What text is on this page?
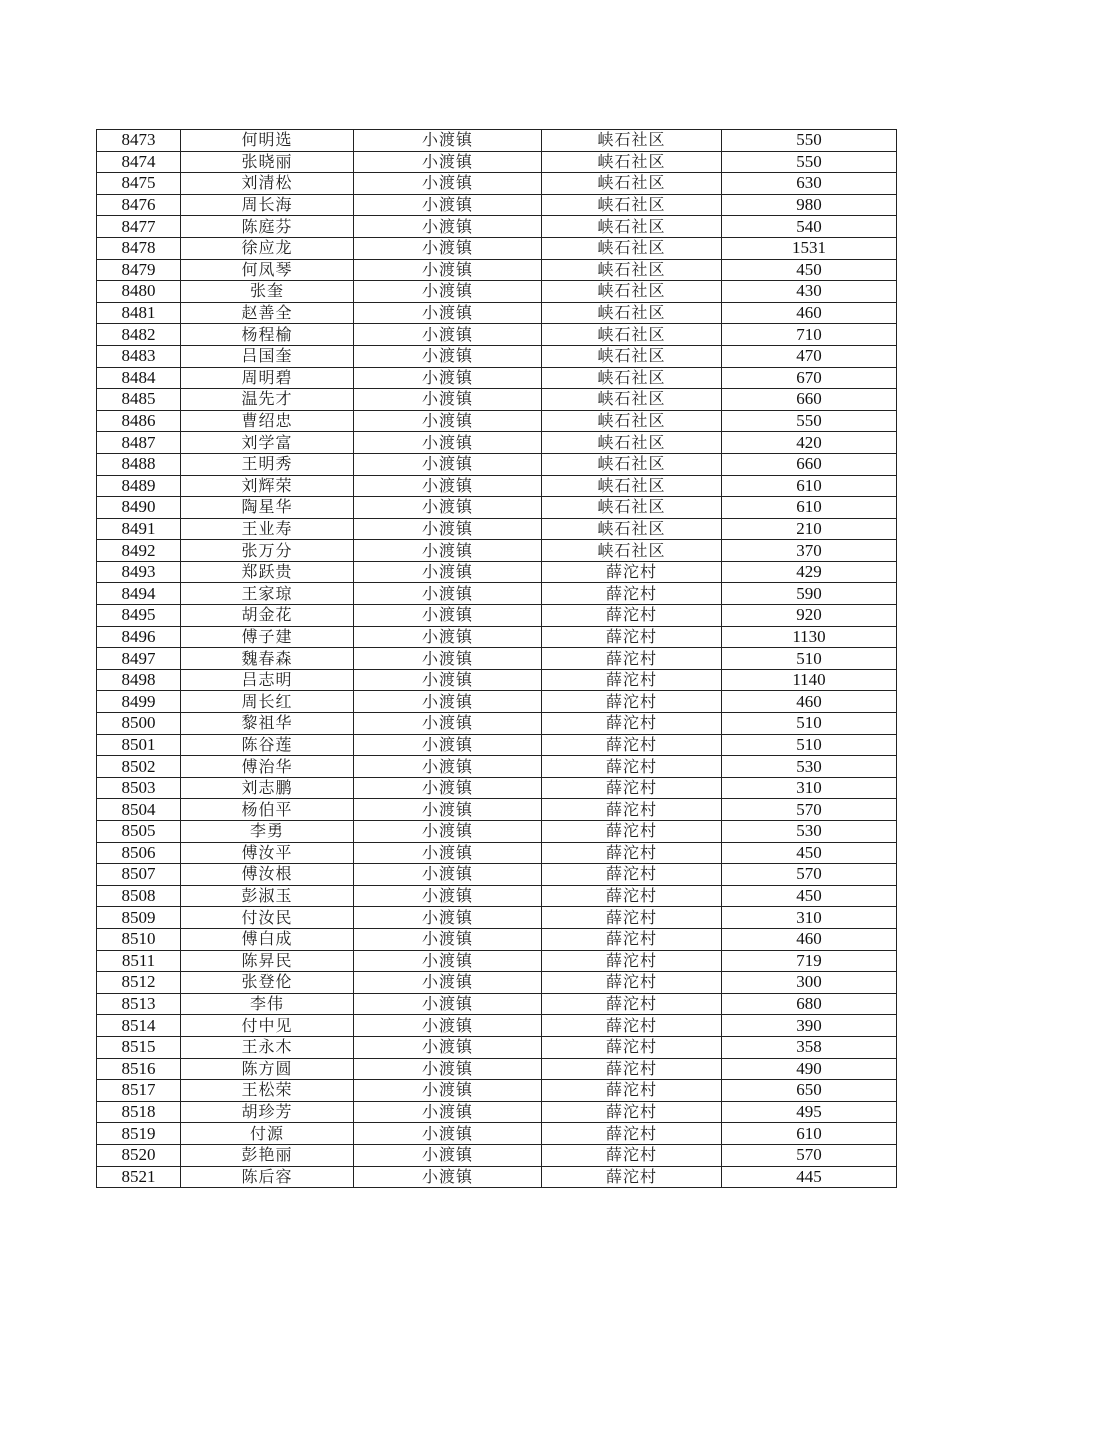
8473	何明选	小渡镇	峡石社区	550
8474	张晓丽	小渡镇	峡石社区	550
8475	刘清松	小渡镇	峡石社区	630
8476	周长海	小渡镇	峡石社区	980
8477	陈庭芬	小渡镇	峡石社区	540
8478	徐应龙	小渡镇	峡石社区	1531
8479	何凤琴	小渡镇	峡石社区	450
8480	张奎	小渡镇	峡石社区	430
8481	赵善全	小渡镇	峡石社区	460
8482	杨程榆	小渡镇	峡石社区	710
8483	吕国奎	小渡镇	峡石社区	470
8484	周明碧	小渡镇	峡石社区	670
8485	温先才	小渡镇	峡石社区	660
8486	曹绍忠	小渡镇	峡石社区	550
8487	刘学富	小渡镇	峡石社区	420
8488	王明秀	小渡镇	峡石社区	660
8489	刘辉荣	小渡镇	峡石社区	610
8490	陶星华	小渡镇	峡石社区	610
8491	王业寿	小渡镇	峡石社区	210
8492	张万分	小渡镇	峡石社区	370
8493	郑跃贵	小渡镇	薛沱村	429
8494	王家琼	小渡镇	薛沱村	590
8495	胡金花	小渡镇	薛沱村	920
8496	傅子建	小渡镇	薛沱村	1130
8497	魏春森	小渡镇	薛沱村	510
8498	吕志明	小渡镇	薛沱村	1140
8499	周长红	小渡镇	薛沱村	460
8500	黎祖华	小渡镇	薛沱村	510
8501	陈谷莲	小渡镇	薛沱村	510
8502	傅治华	小渡镇	薛沱村	530
8503	刘志鹏	小渡镇	薛沱村	310
8504	杨伯平	小渡镇	薛沱村	570
8505	李勇	小渡镇	薛沱村	530
8506	傅汝平	小渡镇	薛沱村	450
8507	傅汝根	小渡镇	薛沱村	570
8508	彭淑玉	小渡镇	薛沱村	450
8509	付汝民	小渡镇	薛沱村	310
8510	傅白成	小渡镇	薛沱村	460
8511	陈昇民	小渡镇	薛沱村	719
8512	张登伦	小渡镇	薛沱村	300
8513	李伟	小渡镇	薛沱村	680
8514	付中见	小渡镇	薛沱村	390
8515	王永木	小渡镇	薛沱村	358
8516	陈方圆	小渡镇	薛沱村	490
8517	王松荣	小渡镇	薛沱村	650
8518	胡珍芳	小渡镇	薛沱村	495
8519	付源	小渡镇	薛沱村	610
8520	彭艳丽	小渡镇	薛沱村	570
8521	陈后容	小渡镇	薛沱村	445
